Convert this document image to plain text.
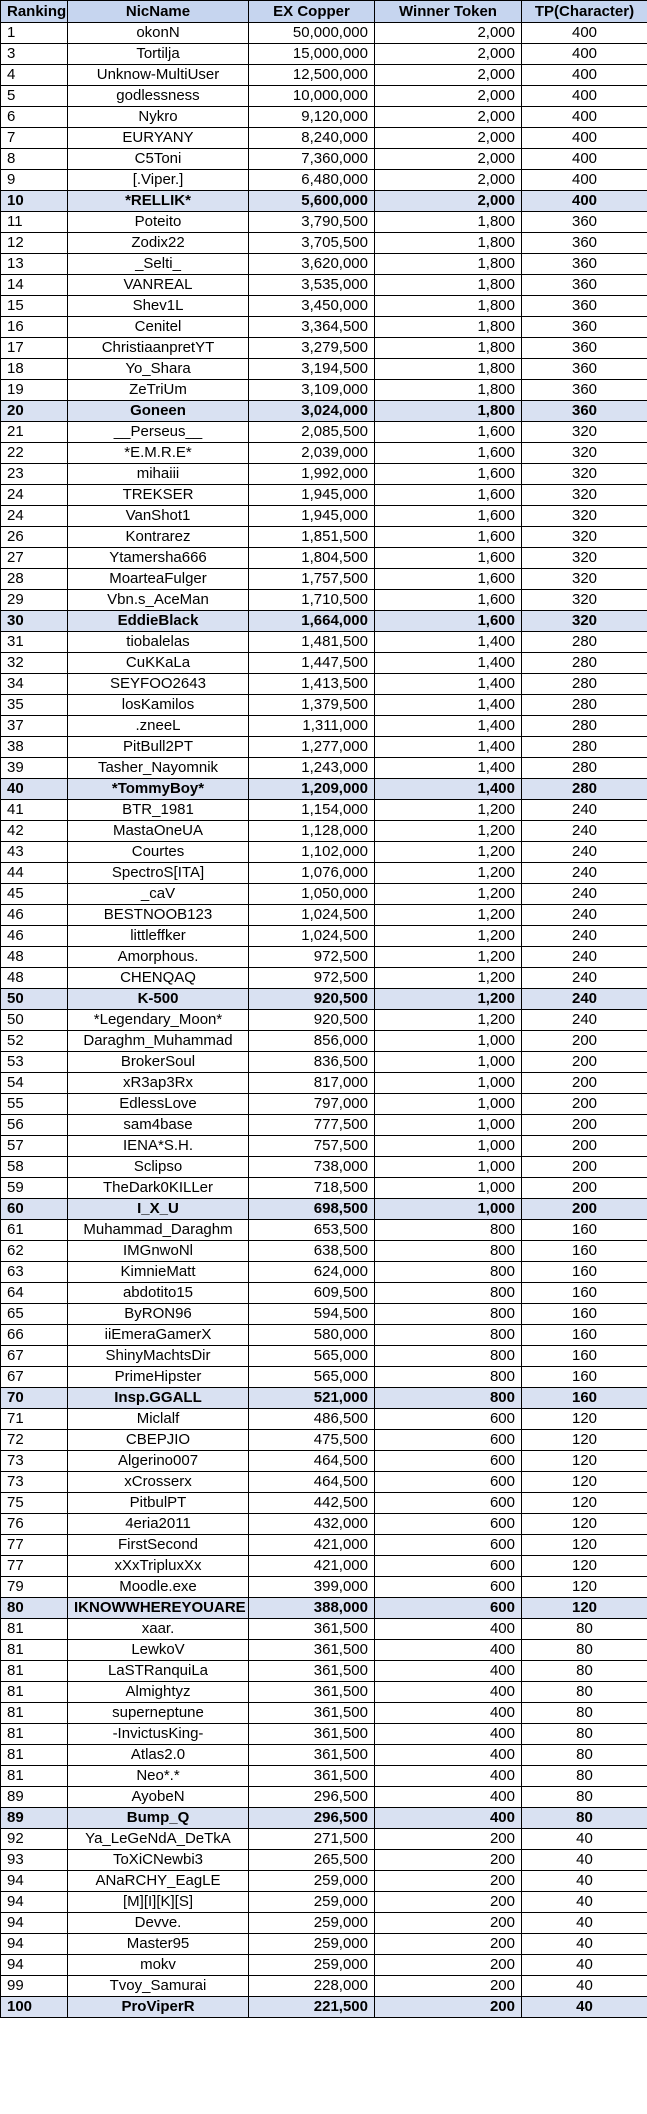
Ranking	NicName	EX Copper	Winner Token	TP(Character)
1	okonN	50,000,000	2,000	400
3	Tortilja	15,000,000	2,000	400
4	Unknow-MultiUser	12,500,000	2,000	400
5	godlessness	10,000,000	2,000	400
6	Nykro	9,120,000	2,000	400
7	EURYANY	8,240,000	2,000	400
8	C5Toni	7,360,000	2,000	400
9	[.Viper.]	6,480,000	2,000	400
10	*RELLIK*	5,600,000	2,000	400
11	Poteito	3,790,500	1,800	360
12	Zodix22	3,705,500	1,800	360
13	_Selti_	3,620,000	1,800	360
14	VANREAL	3,535,000	1,800	360
15	Shev1L	3,450,000	1,800	360
16	Cenitel	3,364,500	1,800	360
17	ChristiaanpretYT	3,279,500	1,800	360
18	Yo_Shara	3,194,500	1,800	360
19	ZeTriUm	3,109,000	1,800	360
20	Goneen	3,024,000	1,800	360
21	__Perseus__	2,085,500	1,600	320
22	*E.M.R.E*	2,039,000	1,600	320
23	mihaiii	1,992,000	1,600	320
24	TREKSER	1,945,000	1,600	320
24	VanShot1	1,945,000	1,600	320
26	Kontrarez	1,851,500	1,600	320
27	Ytamersha666	1,804,500	1,600	320
28	MoarteaFulger	1,757,500	1,600	320
29	Vbn.s_AceMan	1,710,500	1,600	320
30	EddieBlack	1,664,000	1,600	320
31	tiobalelas	1,481,500	1,400	280
32	CuKKaLa	1,447,500	1,400	280
34	SEYFOO2643	1,413,500	1,400	280
35	losKamilos	1,379,500	1,400	280
37	.zneeL	1,311,000	1,400	280
38	PitBull2PT	1,277,000	1,400	280
39	Tasher_Nayomnik	1,243,000	1,400	280
40	*TommyBoy*	1,209,000	1,400	280
41	BTR_1981	1,154,000	1,200	240
42	MastaOneUA	1,128,000	1,200	240
43	Courtes	1,102,000	1,200	240
44	SpectroS[ITA]	1,076,000	1,200	240
45	_caV	1,050,000	1,200	240
46	BESTNOOB123	1,024,500	1,200	240
46	littleffker	1,024,500	1,200	240
48	Amorphous.	972,500	1,200	240
48	CHENQAQ	972,500	1,200	240
50	K-500	920,500	1,200	240
50	*Legendary_Moon*	920,500	1,200	240
52	Daraghm_Muhammad	856,000	1,000	200
53	BrokerSoul	836,500	1,000	200
54	xR3ap3Rx	817,000	1,000	200
55	EdlessLove	797,000	1,000	200
56	sam4base	777,500	1,000	200
57	IENA*S.H.	757,500	1,000	200
58	Sclipso	738,000	1,000	200
59	TheDark0KILLer	718,500	1,000	200
60	I_X_U	698,500	1,000	200
61	Muhammad_Daraghm	653,500	800	160
62	IMGnwoNl	638,500	800	160
63	KimnieMatt	624,000	800	160
64	abdotito15	609,500	800	160
65	ByRON96	594,500	800	160
66	iiEmeraGamerX	580,000	800	160
67	ShinyMachtsDir	565,000	800	160
67	PrimeHipster	565,000	800	160
70	Insp.GGALL	521,000	800	160
71	Miclalf	486,500	600	120
72	CBEPJIO	475,500	600	120
73	Algerino007	464,500	600	120
73	xCrosserx	464,500	600	120
75	PitbulPT	442,500	600	120
76	4eria2011	432,000	600	120
77	FirstSecond	421,000	600	120
77	xXxTripluxXx	421,000	600	120
79	Moodle.exe	399,000	600	120
80	IKNOWWHEREYOUARE	388,000	600	120
81	xaar.	361,500	400	80
81	LewkoV	361,500	400	80
81	LaSTRanquiLa	361,500	400	80
81	Almightyz	361,500	400	80
81	superneptune	361,500	400	80
81	-InvictusKing-	361,500	400	80
81	Atlas2.0	361,500	400	80
81	Neo*.*	361,500	400	80
89	AyobeN	296,500	400	80
89	Bump_Q	296,500	400	80
92	Ya_LeGeNdA_DeTkA	271,500	200	40
93	ToXiCNewbi3	265,500	200	40
94	ANaRCHY_EagLE	259,000	200	40
94	[M][I][K][S]	259,000	200	40
94	Devve.	259,000	200	40
94	Master95	259,000	200	40
94	mokv	259,000	200	40
99	Tvoy_Samurai	228,000	200	40
100	ProViperR	221,500	200	40
